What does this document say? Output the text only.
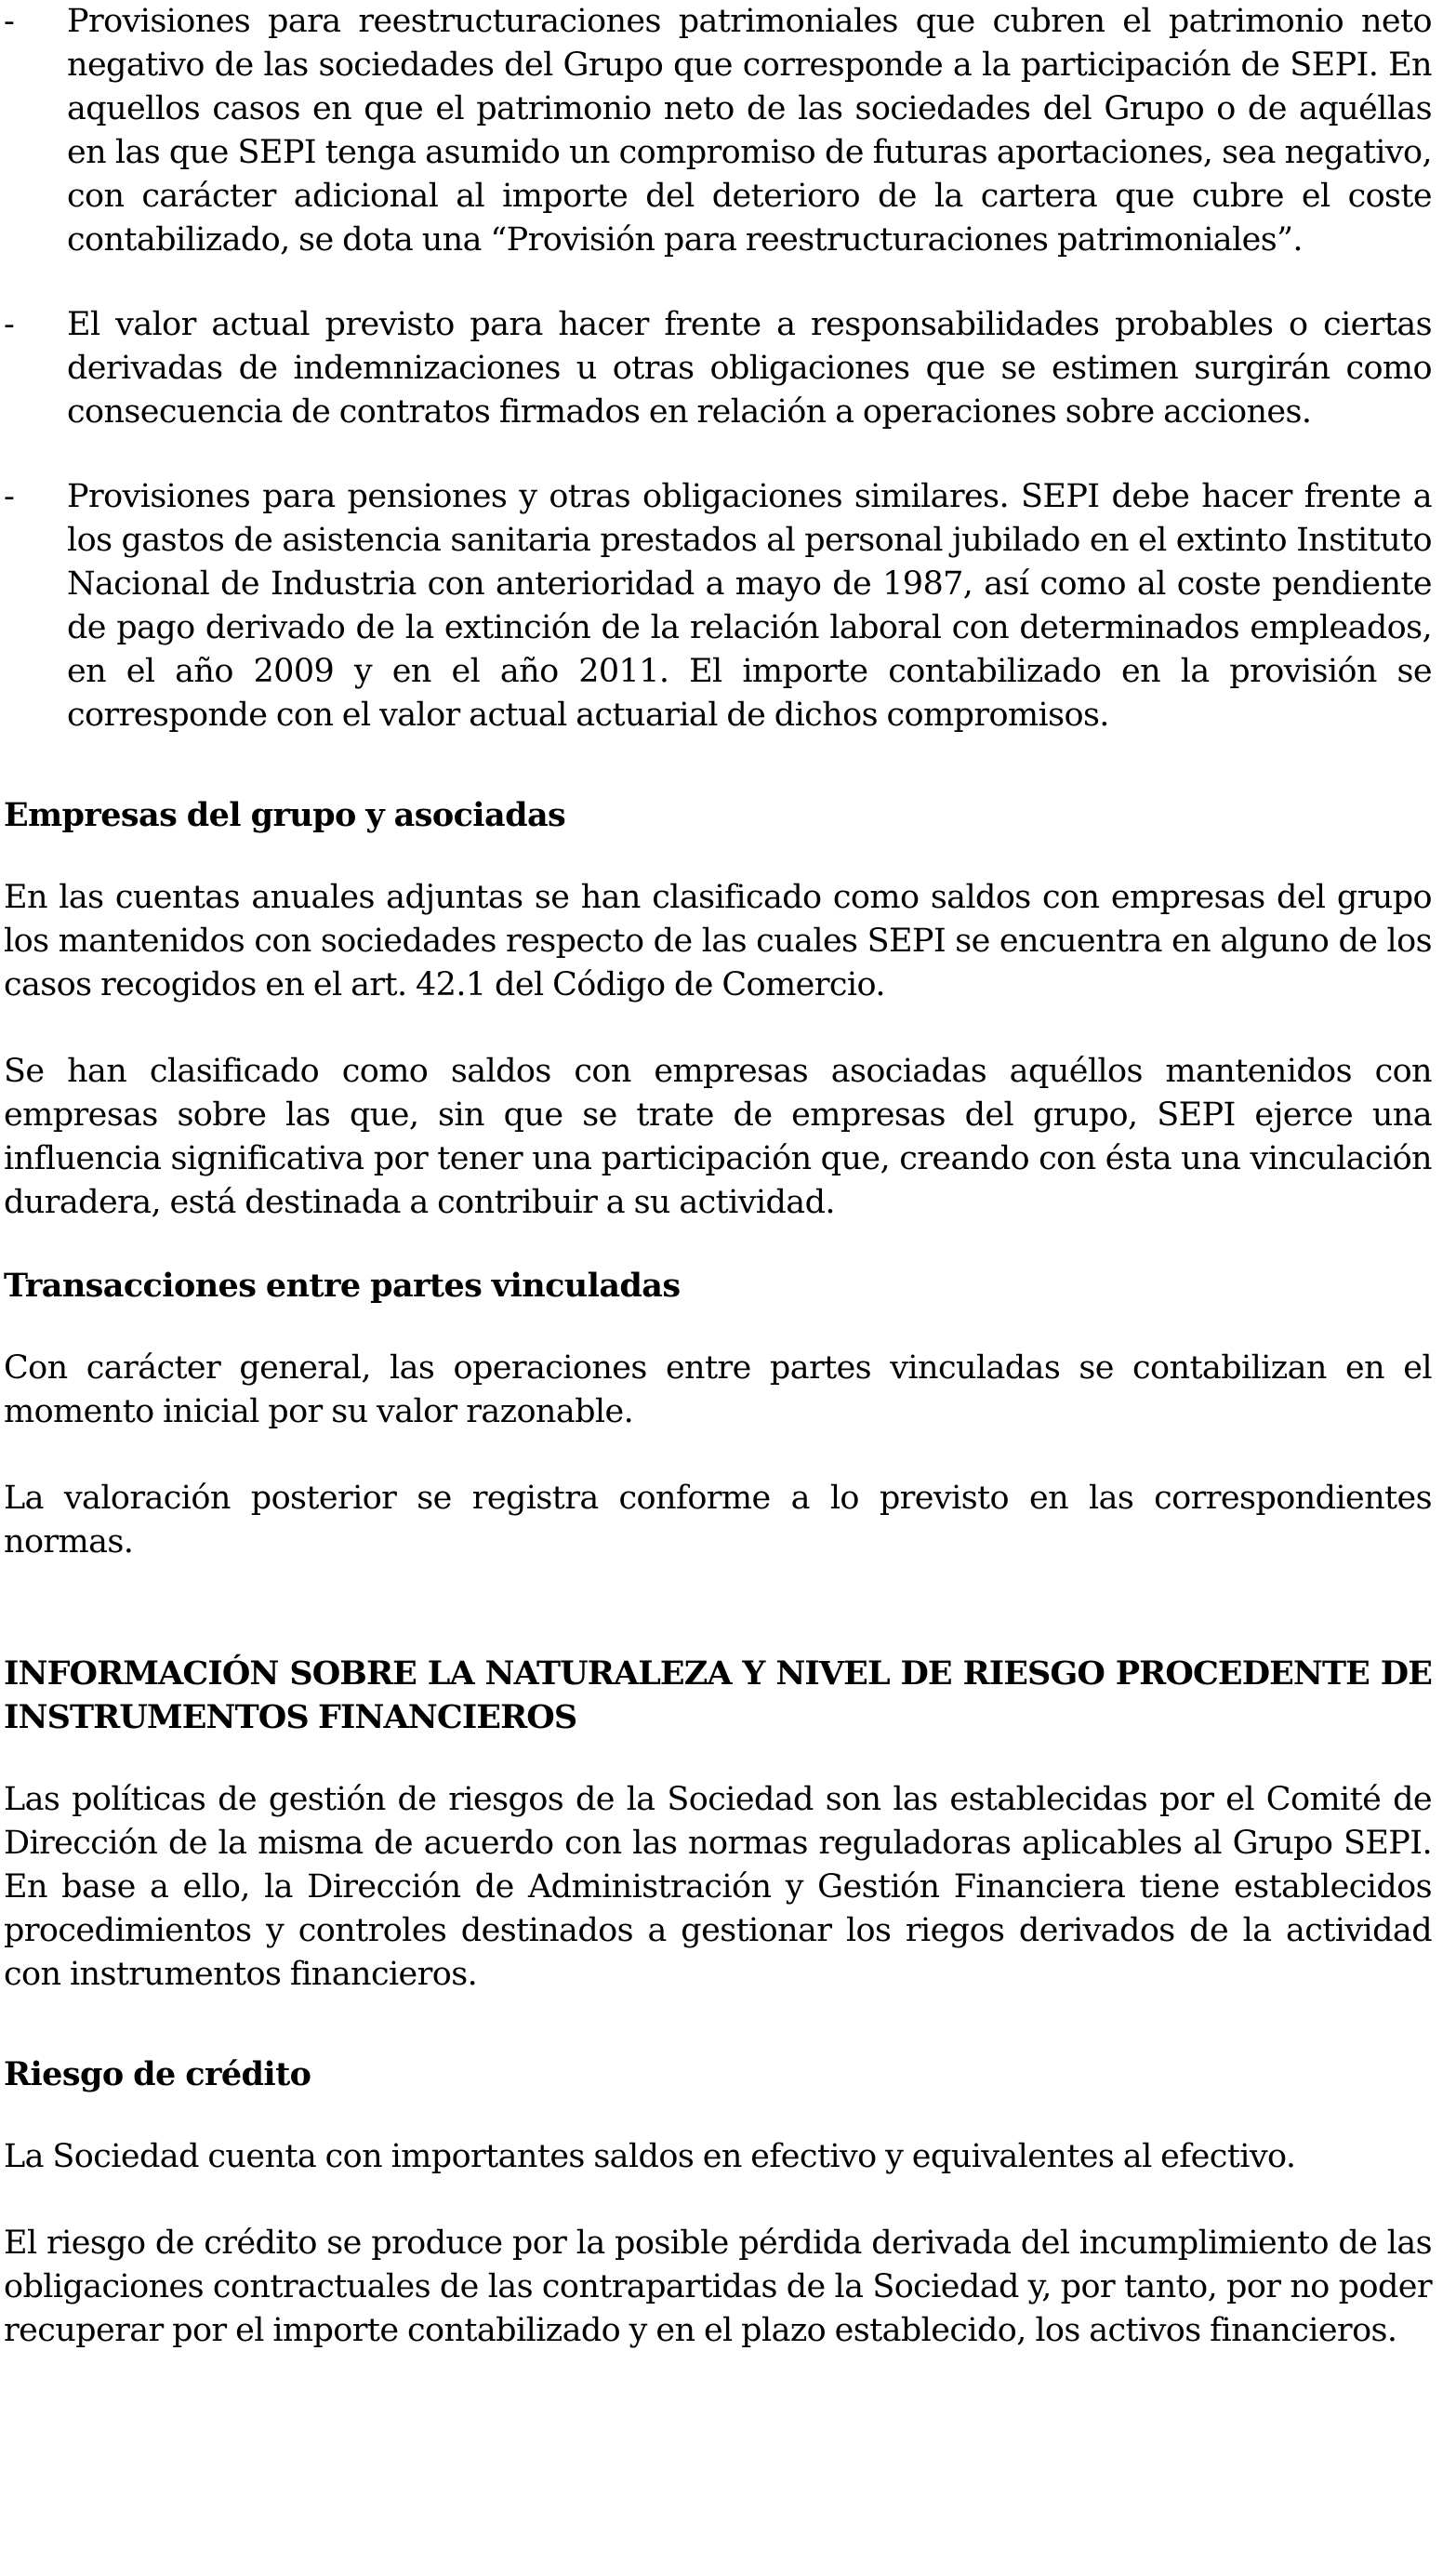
- Provisiones para reestructuraciones patrimoniales que cubren el patrimonio neto negativo de las sociedades del Grupo que corresponde a la participación de SEPI. En aquellos casos en que el patrimonio neto de las sociedades del Grupo o de aquéllas en las que SEPI tenga asumido un compromiso de futuras aportaciones, sea negativo, con carácter adicional al importe del deterioro de la cartera que cubre el coste contabilizado, se dota una “Provisión para reestructuraciones patrimoniales”.
- El valor actual previsto para hacer frente a responsabilidades probables o ciertas derivadas de indemnizaciones u otras obligaciones que se estimen surgirán como consecuencia de contratos firmados en relación a operaciones sobre acciones.
- Provisiones para pensiones y otras obligaciones similares. SEPI debe hacer frente a los gastos de asistencia sanitaria prestados al personal jubilado en el extinto Instituto Nacional de Industria con anterioridad a mayo de 1987, así como al coste pendiente de pago derivado de la extinción de la relación laboral con determinados empleados, en el año 2009 y en el año 2011. El importe contabilizado en la provisión se corresponde con el valor actual actuarial de dichos compromisos.
Empresas del grupo y asociadas

En las cuentas anuales adjuntas se han clasificado como saldos con empresas del grupo los mantenidos con sociedades respecto de las cuales SEPI se encuentra en alguno de los casos recogidos en el art. 42.1 del Código de Comercio.

Se han clasificado como saldos con empresas asociadas aquéllos mantenidos con empresas sobre las que, sin que se trate de empresas del grupo, SEPI ejerce una influencia significativa por tener una participación que, creando con ésta una vinculación duradera, está destinada a contribuir a su actividad.

Transacciones entre partes vinculadas

Con carácter general, las operaciones entre partes vinculadas se contabilizan en el momento inicial por su valor razonable.

La valoración posterior se registra conforme a lo previsto en las correspondientes normas.

INFORMACIÓN SOBRE LA NATURALEZA Y NIVEL DE RIESGO PROCEDENTE DE INSTRUMENTOS FINANCIEROS

Las políticas de gestión de riesgos de la Sociedad son las establecidas por el Comité de Dirección de la misma de acuerdo con las normas reguladoras aplicables al Grupo SEPI. En base a ello, la Dirección de Administración y Gestión Financiera tiene establecidos procedimientos y controles destinados a gestionar los riegos derivados de la actividad con instrumentos financieros.

Riesgo de crédito

La Sociedad cuenta con importantes saldos en efectivo y equivalentes al efectivo.

El riesgo de crédito se produce por la posible pérdida derivada del incumplimiento de las obligaciones contractuales de las contrapartidas de la Sociedad y, por tanto, por no poder recuperar por el importe contabilizado y en el plazo establecido, los activos financieros.
